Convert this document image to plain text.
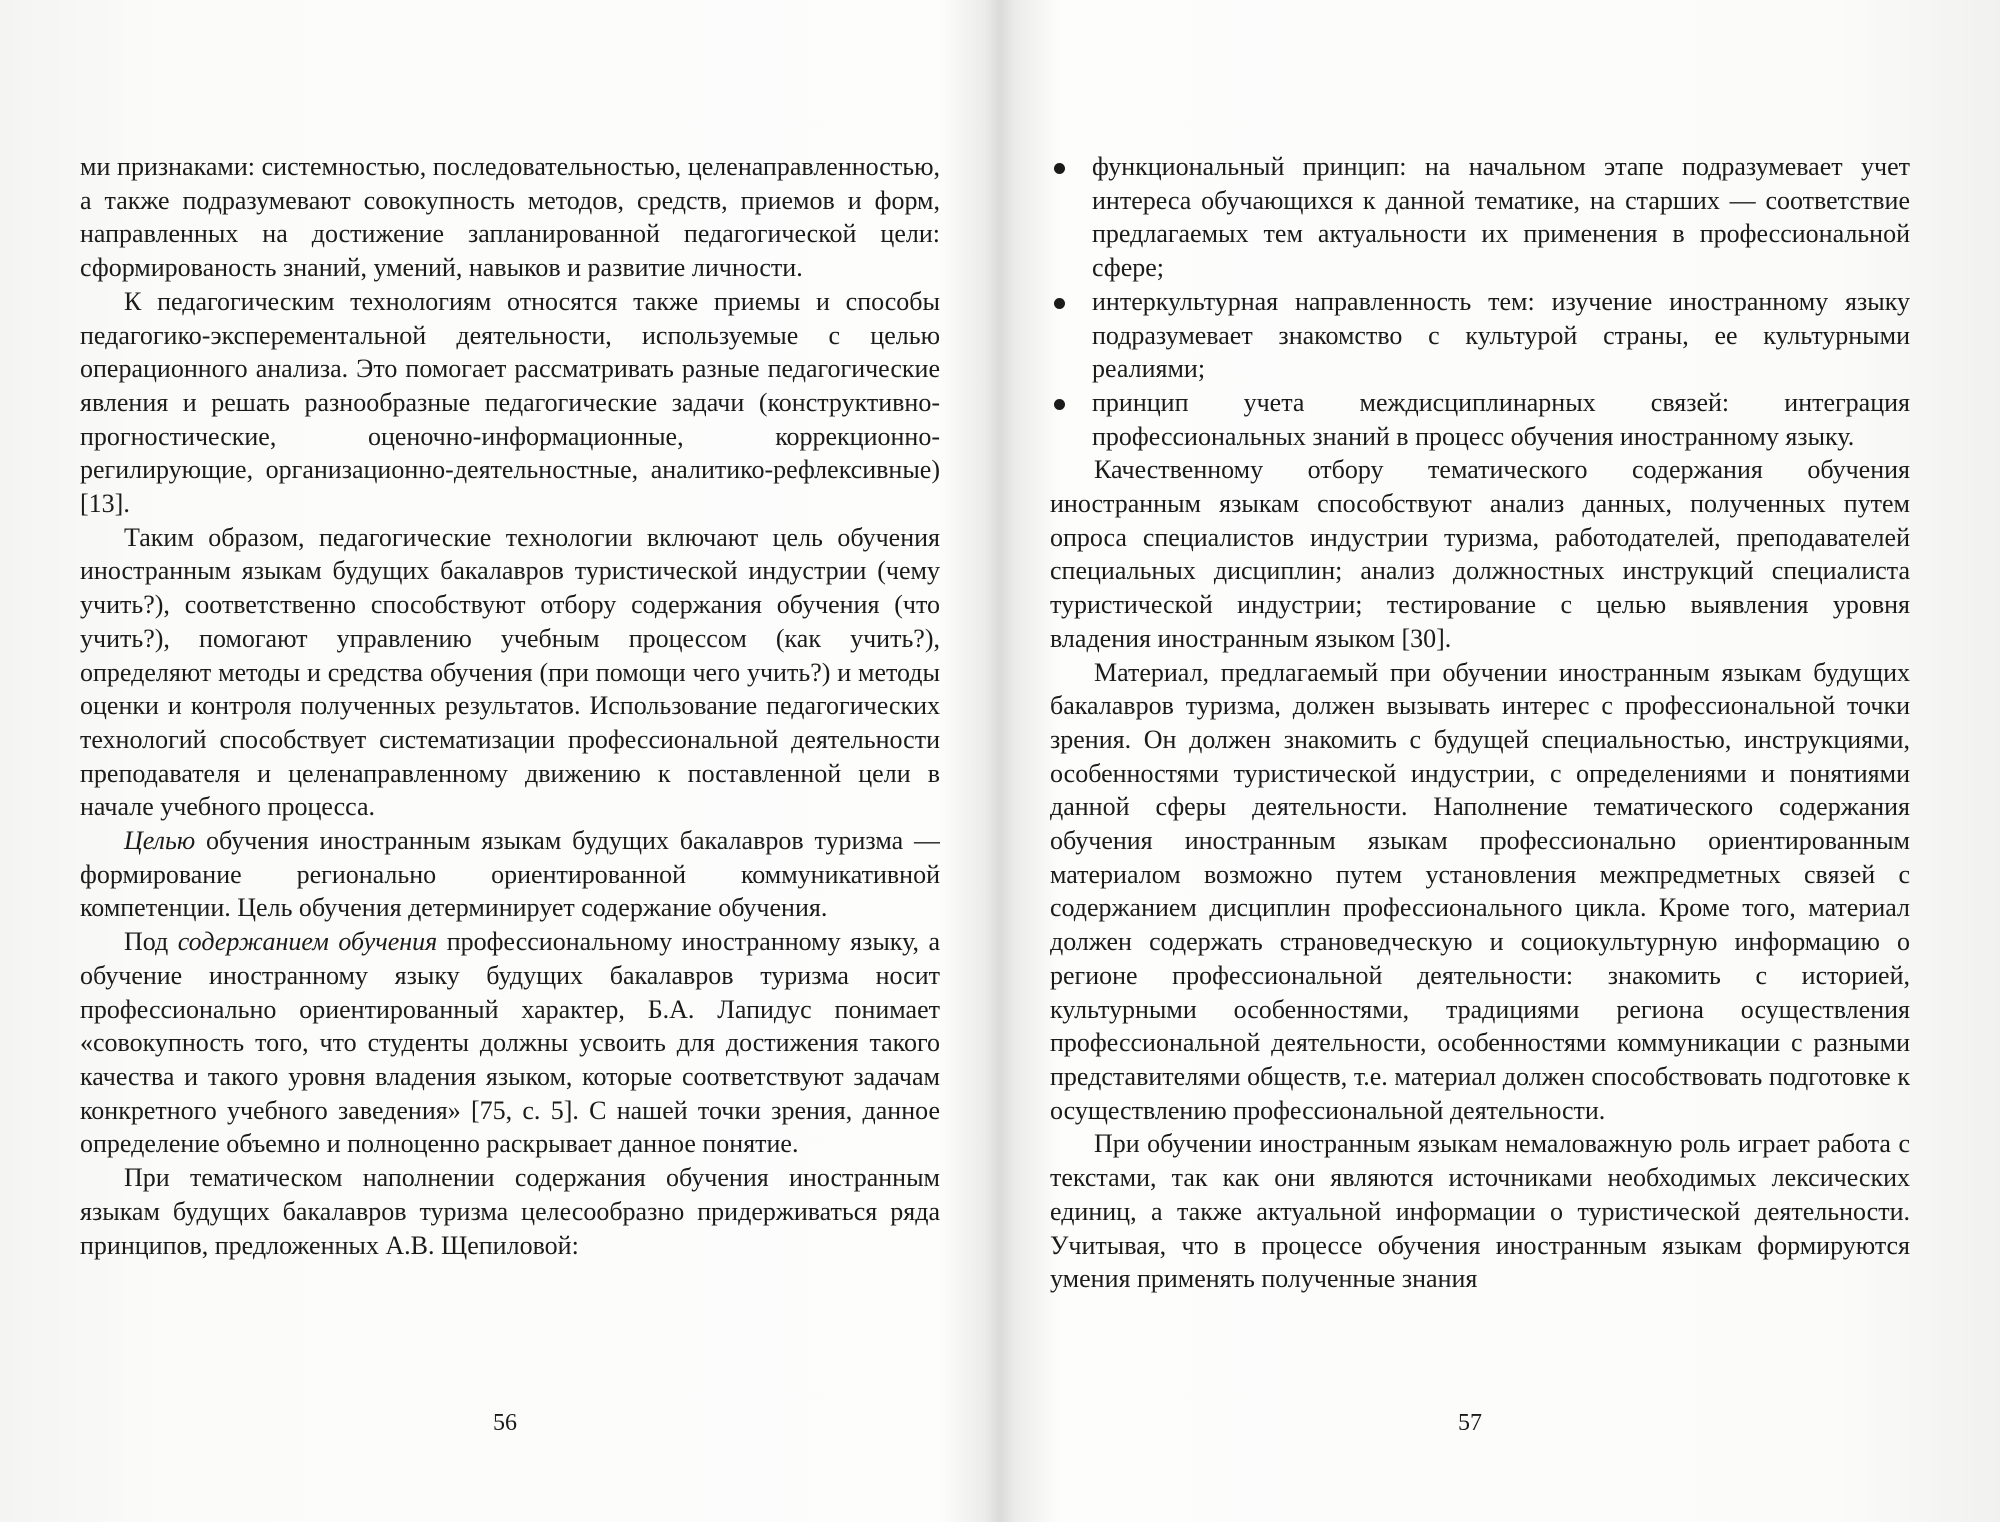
ми признаками: системностью, последовательностью, целенаправленностью, а также подразумевают совокупность методов, средств, приемов и форм, направленных на достижение запланированной педагогической цели: сформированость знаний, умений, навыков и развитие личности.

К педагогическим технологиям относятся также приемы и способы педагогико-эксперементальной деятельности, используемые с целью операционного анализа. Это помогает рассматривать разные педагогические явления и решать разнообразные педагогические задачи (конструктивно-прогностические, оценочно-информационные, коррекционно-регилирующие, организационно-деятельностные, аналитико-рефлексивные) [13].

Таким образом, педагогические технологии включают цель обучения иностранным языкам будущих бакалавров туристической индустрии (чему учить?), соответственно способствуют отбору содержания обучения (что учить?), помогают управлению учебным процессом (как учить?), определяют методы и средства обучения (при помощи чего учить?) и методы оценки и контроля полученных результатов. Использование педагогических технологий способствует систематизации профессиональной деятельности преподавателя и целенаправленному движению к поставленной цели в начале учебного процесса.

Целью обучения иностранным языкам будущих бакалавров туризма — формирование регионально ориентированной коммуникативной компетенции. Цель обучения детерминирует содержание обучения.

Под содержанием обучения профессиональному иностранному языку, а обучение иностранному языку будущих бакалавров туризма носит профессионально ориентированный характер, Б.А. Лапидус понимает «совокупность того, что студенты должны усвоить для достижения такого качества и такого уровня владения языком, которые соответствуют задачам конкретного учебного заведения» [75, с. 5]. С нашей точки зрения, данное определение объемно и полноценно раскрывает данное понятие.

При тематическом наполнении содержания обучения иностранным языкам будущих бакалавров туризма целесообразно придерживаться ряда принципов, предложенных А.В. Щепиловой:

функциональный принцип: на начальном этапе подразумевает учет интереса обучающихся к данной тематике, на старших — соответствие предлагаемых тем актуальности их применения в профессиональной сфере;
интеркультурная направленность тем: изучение иностранному языку подразумевает знакомство с культурой страны, ее культурными реалиями;
принцип учета междисциплинарных связей: интеграция профессиональных знаний в процесс обучения иностранному языку.

Качественному отбору тематического содержания обучения иностранным языкам способствуют анализ данных, полученных путем опроса специалистов индустрии туризма, работодателей, преподавателей специальных дисциплин; анализ должностных инструкций специалиста туристической индустрии; тестирование с целью выявления уровня владения иностранным языком [30].

Материал, предлагаемый при обучении иностранным языкам будущих бакалавров туризма, должен вызывать интерес с профессиональной точки зрения. Он должен знакомить с будущей специальностью, инструкциями, особенностями туристической индустрии, с определениями и понятиями данной сферы деятельности. Наполнение тематического содержания обучения иностранным языкам профессионально ориентированным материалом возможно путем установления межпредметных связей с содержанием дисциплин профессионального цикла. Кроме того, материал должен содержать страноведческую и социокультурную информацию о регионе профессиональной деятельности: знакомить с историей, культурными особенностями, традициями региона осуществления профессиональной деятельности, особенностями коммуникации с разными представителями обществ, т.е. материал должен способствовать подготовке к осуществлению профессиональной деятельности.

При обучении иностранным языкам немаловажную роль играет работа с текстами, так как они являются источниками необходимых лексических единиц, а также актуальной информации о туристической деятельности. Учитывая, что в процессе обучения иностранным языкам формируются умения применять полученные знания

56	57
